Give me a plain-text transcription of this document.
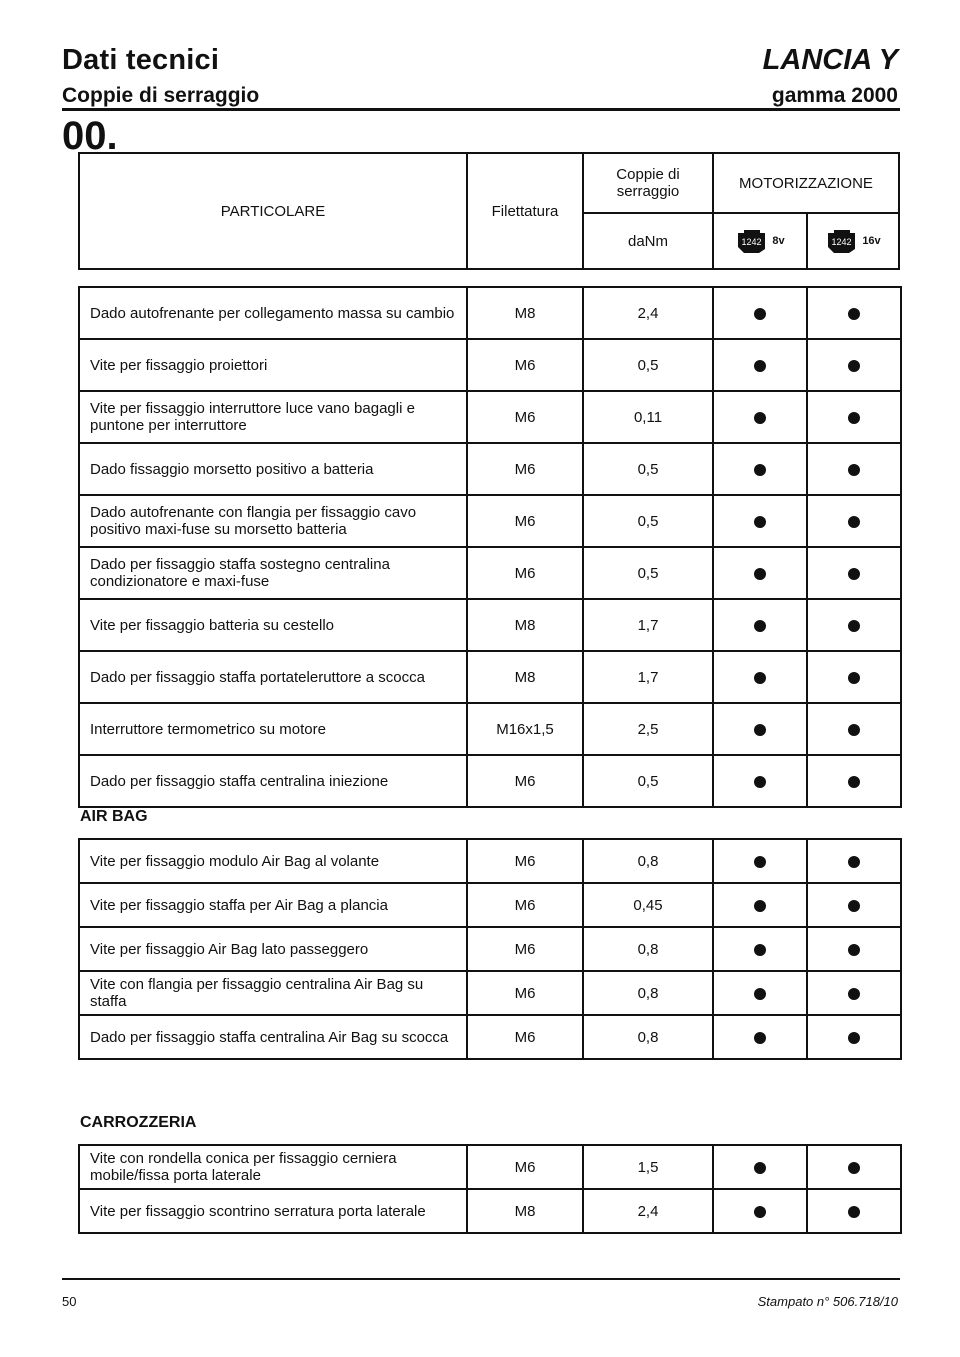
Dati tecnici
Coppie di serraggio
LANCIA Y
gamma 2000
00.
PARTICOLARE	Filettatura
Coppie di serraggio
daNm
MOTORIZZAZIONE
1242 8v	1242 16v
Dado autofrenante per collegamento massa su cambio	M8	2,4		
Vite per fissaggio proiettori	M6	0,5		
Vite per fissaggio interruttore luce vano bagagli e puntone per interruttore	M6	0,11		
Dado fissaggio morsetto positivo a batteria	M6	0,5		
Dado autofrenante con flangia per fissaggio cavo positivo maxi-fuse su morsetto batteria	M6	0,5		
Dado per fissaggio staffa sostegno centralina condizionatore e maxi-fuse	M6	0,5		
Vite per fissaggio batteria su cestello	M8	1,7		
Dado per fissaggio staffa portateleruttore a scocca	M8	1,7		
Interruttore termometrico su motore	M16x1,5	2,5		
Dado per fissaggio staffa centralina iniezione	M6	0,5		
AIR BAG
Vite per fissaggio modulo Air Bag al volante	M6	0,8		
Vite per fissaggio staffa per Air Bag a plancia	M6	0,45		
Vite per fissaggio Air Bag lato passeggero	M6	0,8		
Vite con flangia per fissaggio centralina Air Bag su staffa	M6	0,8		
Dado per fissaggio staffa centralina Air Bag su scocca	M6	0,8		
CARROZZERIA
Vite con rondella conica per fissaggio cerniera mobile/fissa porta laterale	M6	1,5		
Vite per fissaggio scontrino serratura porta laterale	M8	2,4		
50	Stampato n° 506.718/10
